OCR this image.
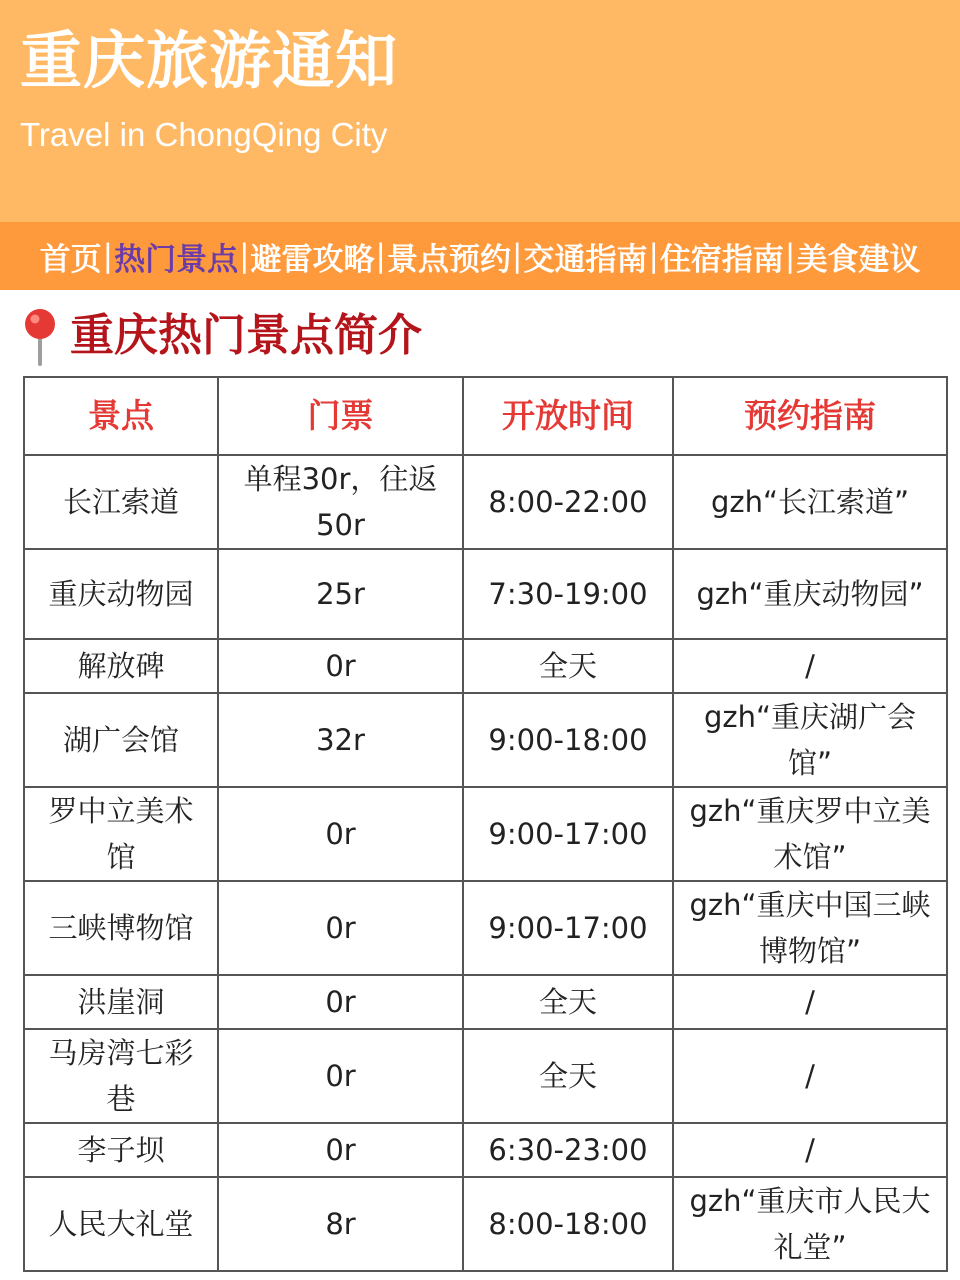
重庆旅游通知
Travel in ChongQing City
首页 | 热门景点 | 避雷攻略 | 景点预约 | 交通指南 | 住宿指南 | 美食建议
重庆热门景点简介
景点	门票	开放时间	预约指南
长江索道	单程30r，往返50r	8:00-22:00	gzh“长江索道”
重庆动物园	25r	7:30-19:00	gzh“重庆动物园”
解放碑	0r	全天	/
湖广会馆	32r	9:00-18:00	gzh“重庆湖广会馆”
罗中立美术馆	0r	9:00-17:00	gzh“重庆罗中立美术馆”
三峡博物馆	0r	9:00-17:00	gzh“重庆中国三峡博物馆”
洪崖洞	0r	全天	/
马房湾七彩巷	0r	全天	/
李子坝	0r	6:30-23:00	/
人民大礼堂	8r	8:00-18:00	gzh“重庆市人民大礼堂”
